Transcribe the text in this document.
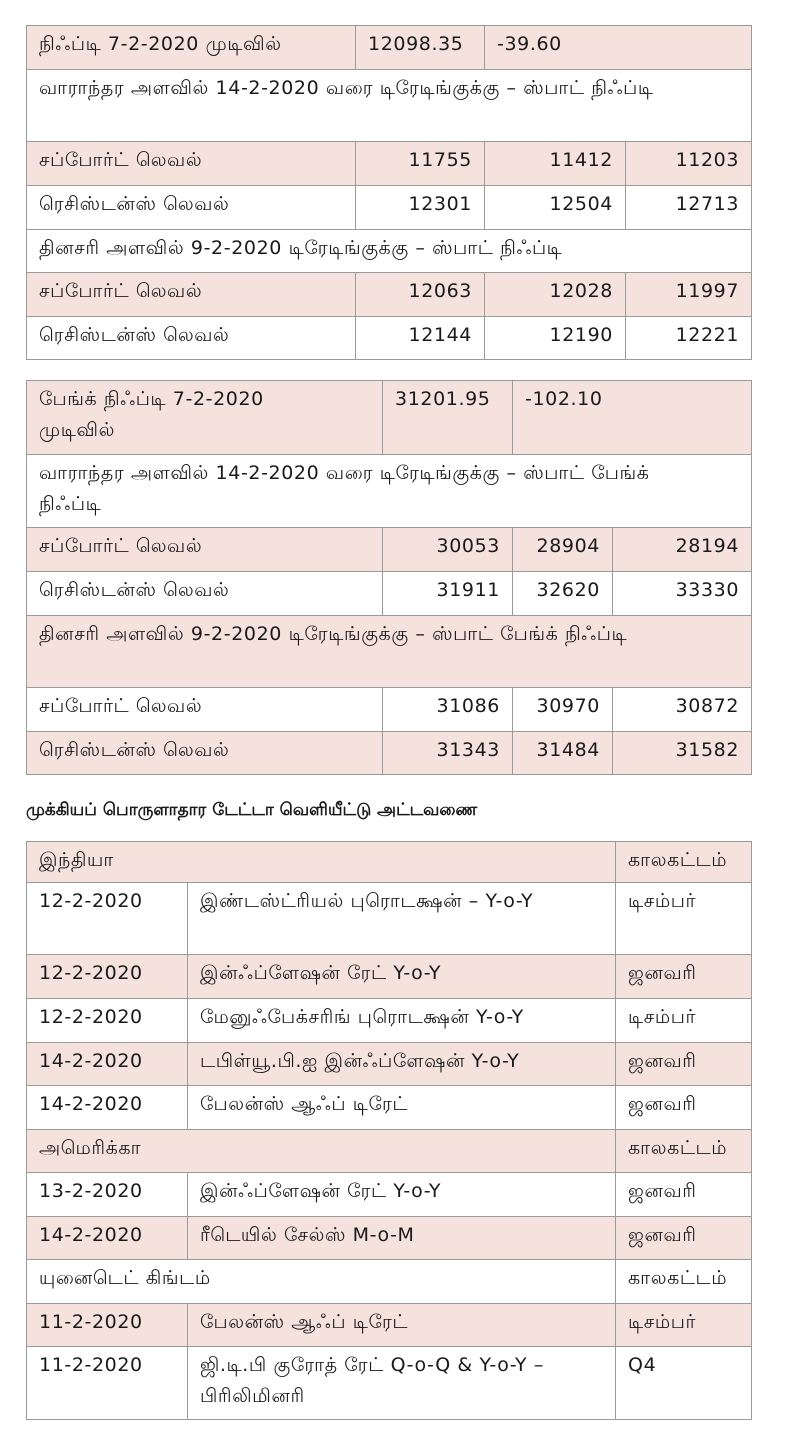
நிஃப்டி 7-2-2020 முடிவில்	12098.35	-39.60	
வாராந்தர அளவில் 14-2-2020 வரை டிரேடிங்குக்கு – ஸ்பாட் நிஃப்டி			
சப்போர்ட் லெவல்	11755	11412	11203
ரெசிஸ்டன்ஸ் லெவல்	12301	12504	12713
தினசரி அளவில் 9-2-2020 டிரேடிங்குக்கு – ஸ்பாட் நிஃப்டி			
சப்போர்ட் லெவல்	12063	12028	11997
ரெசிஸ்டன்ஸ் லெவல்	12144	12190	12221
பேங்க் நிஃப்டி 7-2-2020 முடிவில்	31201.95	-102.10	
வாராந்தர அளவில் 14-2-2020 வரை டிரேடிங்குக்கு – ஸ்பாட் பேங்க் நிஃப்டி			
சப்போர்ட் லெவல்	30053	28904	28194
ரெசிஸ்டன்ஸ் லெவல்	31911	32620	33330
தினசரி அளவில் 9-2-2020 டிரேடிங்குக்கு – ஸ்பாட் பேங்க் நிஃப்டி			
சப்போர்ட் லெவல்	31086	30970	30872
ரெசிஸ்டன்ஸ் லெவல்	31343	31484	31582
முக்கியப் பொருளாதார டேட்டா வெளியீட்டு அட்டவணை
இந்தியா		காலகட்டம்
12-2-2020	இண்டஸ்ட்ரியல் புரொடக்ஷன் – Y-o-Y	டிசம்பர்
12-2-2020	இன்ஃப்ளேஷன் ரேட் Y-o-Y	ஜனவரி
12-2-2020	மேனுஃபேக்சரிங் புரொடக்ஷன் Y-o-Y	டிசம்பர்
14-2-2020	டபிள்யூ.பி.ஐ இன்ஃப்ளேஷன் Y-o-Y	ஜனவரி
14-2-2020	பேலன்ஸ் ஆஃப் டிரேட்	ஜனவரி
அமெரிக்கா		காலகட்டம்
13-2-2020	இன்ஃப்ளேஷன் ரேட் Y-o-Y	ஜனவரி
14-2-2020	ரீடெயில் சேல்ஸ் M-o-M	ஜனவரி
யுனைடெட் கிங்டம்		காலகட்டம்
11-2-2020	பேலன்ஸ் ஆஃப் டிரேட்	டிசம்பர்
11-2-2020	ஜி.டி.பி குரோத் ரேட் Q-o-Q & Y-o-Y – பிரிலிமினரி	Q4
